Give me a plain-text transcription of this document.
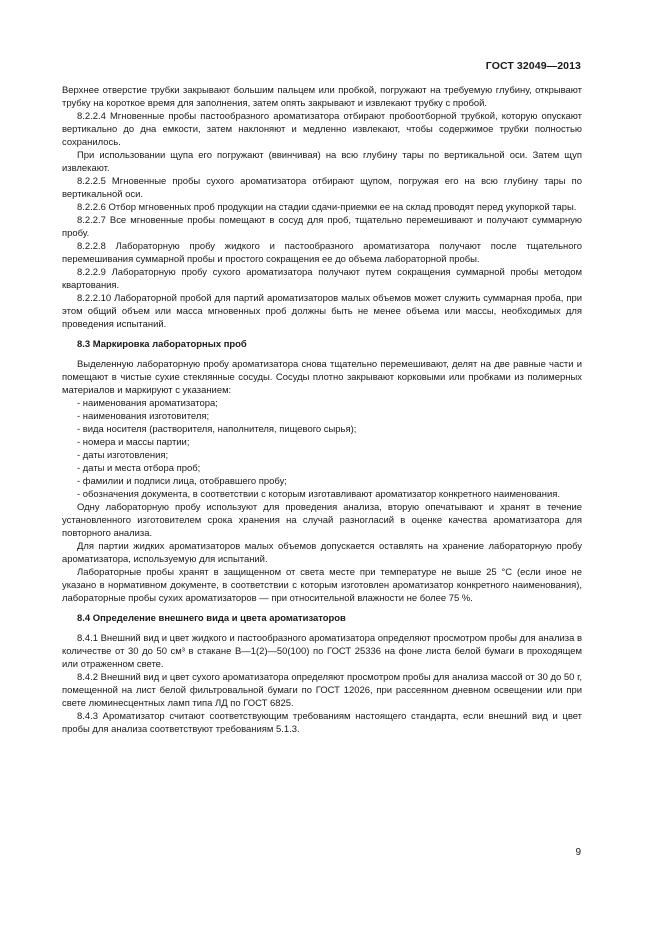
ГОСТ 32049—2013

Верхнее отверстие трубки закрывают большим пальцем или пробкой, погружают на требуемую глубину, открывают трубку на короткое время для заполнения, затем опять закрывают и извлекают трубку с пробой.

8.2.2.4 Мгновенные пробы пастообразного ароматизатора отбирают пробоотборной трубкой, которую опускают вертикально до дна емкости, затем наклоняют и медленно извлекают, чтобы содержимое трубки полностью сохранилось.

При использовании щупа его погружают (ввинчивая) на всю глубину тары по вертикальной оси. Затем щуп извлекают.

8.2.2.5 Мгновенные пробы сухого ароматизатора отбирают щупом, погружая его на всю глубину тары по вертикальной оси.

8.2.2.6 Отбор мгновенных проб продукции на стадии сдачи-приемки ее на склад проводят перед укупоркой тары.

8.2.2.7 Все мгновенные пробы помещают в сосуд для проб, тщательно перемешивают и получают суммарную пробу.

8.2.2.8 Лабораторную пробу жидкого и пастообразного ароматизатора получают после тщательного перемешивания суммарной пробы и простого сокращения ее до объема лабораторной пробы.

8.2.2.9 Лабораторную пробу сухого ароматизатора получают путем сокращения суммарной пробы методом квартования.

8.2.2.10 Лабораторной пробой для партий ароматизаторов малых объемов может служить суммарная проба, при этом общий объем или масса мгновенных проб должны быть не менее объема или массы, необходимых для проведения испытаний.

8.3 Маркировка лабораторных проб

Выделенную лабораторную пробу ароматизатора снова тщательно перемешивают, делят на две равные части и помещают в чистые сухие стеклянные сосуды. Сосуды плотно закрывают корковыми или пробками из полимерных материалов и маркируют с указанием:

- наименования ароматизатора;

- наименования изготовителя;

- вида носителя (растворителя, наполнителя, пищевого сырья);

- номера и массы партии;

- даты изготовления;

- даты и места отбора проб;

- фамилии и подписи лица, отобравшего пробу;

- обозначения документа, в соответствии с которым изготавливают ароматизатор конкретного наименования.

Одну лабораторную пробу используют для проведения анализа, вторую опечатывают и хранят в течение установленного изготовителем срока хранения на случай разногласий в оценке качества ароматизатора для повторного анализа.

Для партии жидких ароматизаторов малых объемов допускается оставлять на хранение лабораторную пробу ароматизатора, используемую для испытаний.

Лабораторные пробы хранят в защищенном от света месте при температуре не выше 25 °С (если иное не указано в нормативном документе, в соответствии с которым изготовлен ароматизатор конкретного наименования), лабораторные пробы сухих ароматизаторов — при относительной влажности не более 75 %.

8.4 Определение внешнего вида и цвета ароматизаторов

8.4.1 Внешний вид и цвет жидкого и пастообразного ароматизатора определяют просмотром пробы для анализа в количестве от 30 до 50 см³ в стакане В—1(2)—50(100) по ГОСТ 25336 на фоне листа белой бумаги в проходящем или отраженном свете.

8.4.2 Внешний вид и цвет сухого ароматизатора определяют просмотром пробы для анализа массой от 30 до 50 г, помещенной на лист белой фильтровальной бумаги по ГОСТ 12026, при рассеянном дневном освещении или при свете люминесцентных ламп типа ЛД по ГОСТ 6825.

8.4.3 Ароматизатор считают соответствующим требованиям настоящего стандарта, если внешний вид и цвет пробы для анализа соответствуют требованиям 5.1.3.

9
